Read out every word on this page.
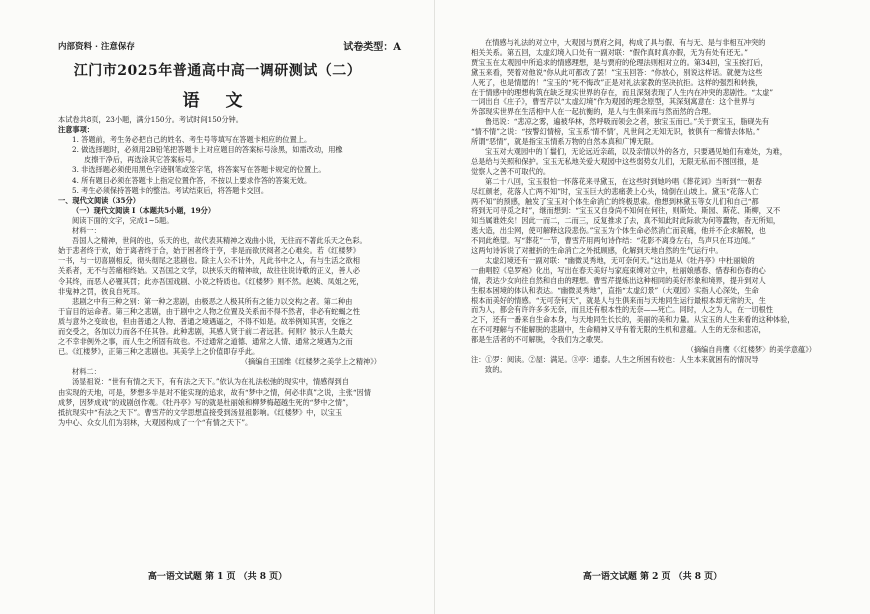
内部资料 · 注意保存	试卷类型：A
江门市2025年普通高中高一调研测试（二）
语 文
本试卷共8页，23小题，满分150分。考试时间150分钟。
注意事项：
1. 答题前，考生务必把自己的姓名、考生号等填写在答题卡相应的位置上。
2. 做选择题时，必须用2B铅笔把答题卡上对应题目的答案标号涂黑，如需改动，用橡
皮擦干净后，再选涂其它答案标号。
3. 非选择题必须使用黑色字迹钢笔或签字笔，将答案写在答题卡规定的位置上。
4. 所有题目必须在答题卡上指定位置作答，不按以上要求作答的答案无效。
5. 考生必须保持答题卡的整洁。考试结束后，将答题卡交回。
一、现代文阅读（35分）
（一）现代文阅读 I（本题共5小题，19分）
阅读下面的文字，完成1~5题。
材料一：
吾国人之精神，世间的也，乐天的也，故代表其精神之戏曲小说，无往而不著此乐天之色彩。
始于悲者终于欢，始于离者终于合，始于困者终于亨，非是而欲厌阅者之心难矣。若《红楼梦》
一书，与一切喜剧相反，彻头彻尾之悲剧也。除主人公不计外，凡此书中之人，有与生活之欲相
关系者，无不与苦痛相终始。又吾国之文学，以挟乐天的精神故，故往往说诗歌的正义，善人必
令其终，而恶人必罹其罚；此亦吾国戏剧、小说之特质也。《红楼梦》则不然。赵姨、凤姐之死，
非鬼神之罚，彼良自死耳。
悲剧之中有三种之别：第一种之悲剧，由极恶之人极其所有之能力以交构之者。第二种由
于盲目的运命者。第三种之悲剧，由于剧中之人物之位置及关系而不得不然者，非必有蛇蝎之性
质与意外之变故也，但由普通之人物、普通之境遇逼之，不得不如是。故举例知其害，交施之
而交受之，各加以力而各不任其咎。此种悲剧，其感人贤于前二者远甚。何则？彼示人生最大
之不幸非例外之事，而人生之所固有故也。不过通常之道德、通常之人情、通常之境遇为之而
已。《红楼梦》，正第三种之悲剧也。其美学上之价值即存乎此。
（摘编自王国维《红楼梦之美学上之精神》）
材料二：
汤显祖说：“世有有情之天下，有有法之天下。”依认为在礼法松弛的现实中，情感得到自
由实现的天地，可是，梦想多半是对不能实现的追求，故有“梦中之情，何必非真”之说，主张“因情
成梦，因梦成戏”的戏剧创作观。《牡丹亭》写的就是杜丽娘和柳梦梅超越生死的“梦中之情”，
抵抗现实中“有法之天下”。曹雪芹的文学思想直接受到汤显祖影响。《红楼梦》中，以宝玉
为中心、众女儿们为羽林，大观园构成了一个“有情之天下”。
高一语文试题 第 1 页 （共 8 页）
在情感与礼法的对立中，大观园与贾府之间，构成了具与假、有与无、是与非相互冲突的
相关关系。第五回，太虚幻境入口处有一副对联：“假作真时真亦假，无为有处有还无。”
贾宝玉在太观园中所追求的情感理想，是与贾府的伦理法则相对立的。第34回，宝玉挨打后，
黛玉来看，哭着对他说“你从此可都改了罢！”宝玉回答：“你放心，别说这样话。就便为这些
人死了，也是情愿的！”宝玉的“死不悔改”正是对礼法家教的坚决抗拒。这样的强烈和转换，
在于情感中的理想构筑在缺乏现实世界的存在，而且深刻表现了人生内在冲突的悲剧性。“太虚”
一词出自《庄子》，曹雪芹以“太虚幻境”作为观园的理念原型，其深刻寓意在：这个世界与
外部现实世界在生活相中人在一起抗衡的，是人与生俱来而与然而然的合理。
鲁迅说：“悲凉之雾，遍被华林，然呼吸而领会之者，独宝玉而已。”关于贾宝玉，脂砚先有
“情不情”之说：“按警幻情榜，宝玉系‘情不情’，凡世间之无知无识，彼俱有一痴情去体贴。”
所谓“恶情”，就是指宝玉情系万物的自然本真和广博无限。
宝玉对大观园中的丫鬟们，无论远近亲疏，以及亲情以外的各方，只要遇见她们有难处，为难，
总是给与关照和保护。宝玉无私地关爱大观园中这些弱势女儿们，无限无私而不图回报，是
觉察人之善不可取代的。
第二十八回，宝玉很怕一怀落花来寻黛玉，在这些时到她吟唱《葬花词》当听到“一朝春
尽红颜老，花落人亡两不知”时，宝玉巨大的悲痛袭上心头，恸倒在山坡上。黛玉“花落人亡
两不知”的预感，触发了宝玉对个体生命消亡的终极思索。他想到林黛玉等女儿们和自己“都
将到无可寻觅之时”，继而想到：“宝玉又自身尚不知何在何往，则斯处、斯园、斯花、斯柳，又不
知当属谁姓矣！因此一而二，二而三，反复推求了去，真不知此时此际欲为何等蠢物，杳无所知，
逃大造，出尘网，使可解释这段悲伤。”宝玉为个体生命必然消亡而哀痛，他并不企求解脱，也
不同此绝望。写“葬花”一节，曹雪芹用两句诗作结：“花影不离身左右，鸟声只在耳边闻。”
这两句诗诉说了对摧折的生命消亡之外抵顾感，化解到天地自然的生气运行中。
太虚幻境还有一副对联：“幽微灵秀地，无可奈何天。”这出是从《牡丹亭》中杜丽娘的
一曲唱腔《皂罗袍》化出，写出在春天美好与家庭束缚对立中，杜丽娘感春、惜春和伤春的心
情，表达少女向往自然和自由的理想。曹雪芹提炼出这种相同的美好形象和境界，提升到对人
生根本困境的体认和表达。“幽微灵秀地”，直指“太虚幻景”（大观园）实指人心深处，生命
根本而美好的情感。“无可奈何天”，就是人与生俱来而与天地同生运行最根本却无常的天，生
而为人，都会有许许多多无奈，而且还有根本性的无奈——死亡。同时，人之为人，在一切根性
之下，还有一番来自生命本身，与天地同生长长的，美丽的美和力量。从宝玉的人生来看的这种体验，
在不可理解与不能解脱的悲剧中，生命精神又寻有着无限的生机和意蕴。人生的无奈和悲凉，
都是生活者的不可解脱，令我们为之歌哭。
（摘编自肖鹰《〈红楼梦〉的美学意蕴》）
注：①罗：阅读。②屋：满足。③亭：通泰。人生之所困有较也：人生本来就困有的情况导
致的。
高一语文试题 第 2 页 （共 8 页）
